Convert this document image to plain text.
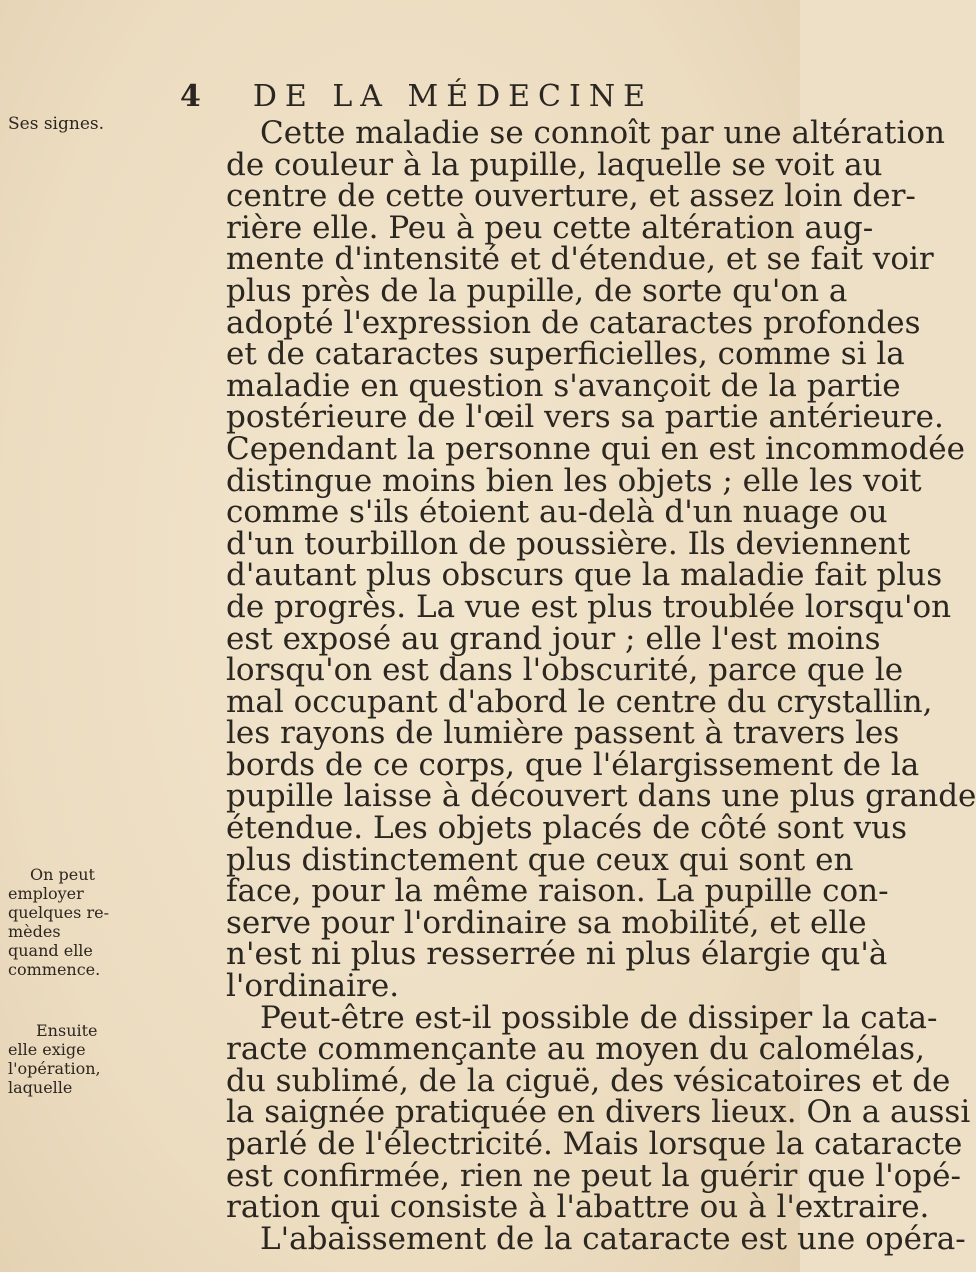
4 DE LA MÉDECINE
Ses signes.
On peut
employer
quelques re-
mèdes
quand elle
commence.
Ensuite
elle exige
l'opération,
laquelle
Cette maladie se connoît par une altération
de couleur à la pupille, laquelle se voit au
centre de cette ouverture, et assez loin der-
rière elle. Peu à peu cette altération aug-
mente d'intensité et d'étendue, et se fait voir
plus près de la pupille, de sorte qu'on a
adopté l'expression de cataractes profondes
et de cataractes superficielles, comme si la
maladie en question s'avançoit de la partie
postérieure de l'œil vers sa partie antérieure.
Cependant la personne qui en est incommodée
distingue moins bien les objets ; elle les voit
comme s'ils étoient au-delà d'un nuage ou
d'un tourbillon de poussière. Ils deviennent
d'autant plus obscurs que la maladie fait plus
de progrès. La vue est plus troublée lorsqu'on
est exposé au grand jour ; elle l'est moins
lorsqu'on est dans l'obscurité, parce que le
mal occupant d'abord le centre du crystallin,
les rayons de lumière passent à travers les
bords de ce corps, que l'élargissement de la
pupille laisse à découvert dans une plus grande
étendue. Les objets placés de côté sont vus
plus distinctement que ceux qui sont en
face, pour la même raison. La pupille con-
serve pour l'ordinaire sa mobilité, et elle
n'est ni plus resserrée ni plus élargie qu'à
l'ordinaire.
Peut-être est-il possible de dissiper la cata-
racte commençante au moyen du calomélas,
du sublimé, de la ciguë, des vésicatoires et de
la saignée pratiquée en divers lieux. On a aussi
parlé de l'électricité. Mais lorsque la cataracte
est confirmée, rien ne peut la guérir que l'opé-
ration qui consiste à l'abattre ou à l'extraire.
L'abaissement de la cataracte est une opéra-
